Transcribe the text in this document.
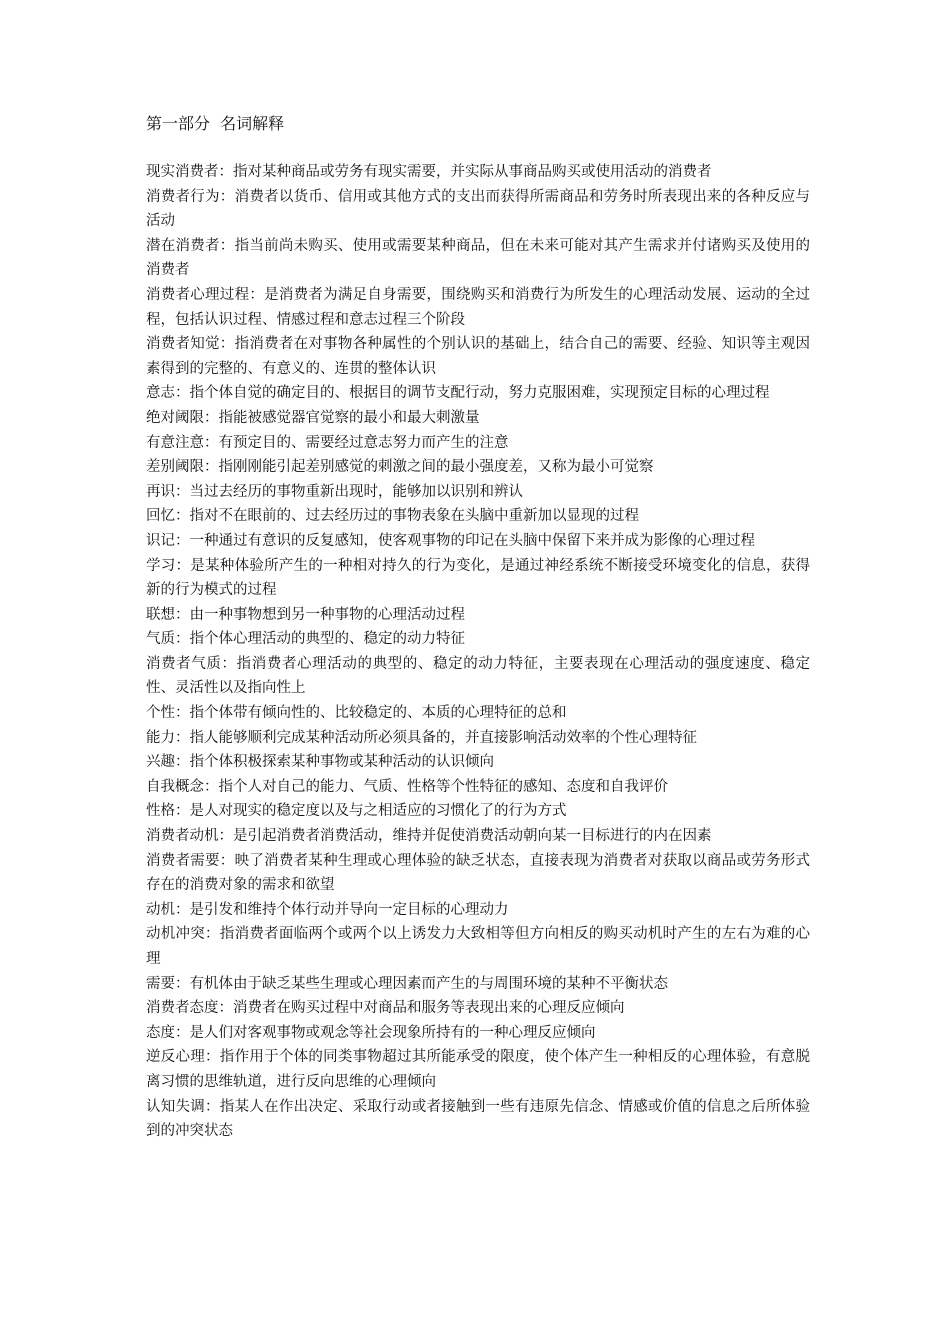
第一部分  名词解释
现实消费者：指对某种商品或劳务有现实需要，并实际从事商品购买或使用活动的消费者
消费者行为：消费者以货币、信用或其他方式的支出而获得所需商品和劳务时所表现出来的各种反应与活动
潜在消费者：指当前尚未购买、使用或需要某种商品，但在未来可能对其产生需求并付诸购买及使用的消费者
消费者心理过程：是消费者为满足自身需要，围绕购买和消费行为所发生的心理活动发展、运动的全过程，包括认识过程、情感过程和意志过程三个阶段
消费者知觉：指消费者在对事物各种属性的个别认识的基础上，结合自己的需要、经验、知识等主观因素得到的完整的、有意义的、连贯的整体认识
意志：指个体自觉的确定目的、根据目的调节支配行动，努力克服困难，实现预定目标的心理过程
绝对阈限：指能被感觉器官觉察的最小和最大刺激量
有意注意：有预定目的、需要经过意志努力而产生的注意
差别阈限：指刚刚能引起差别感觉的刺激之间的最小强度差，又称为最小可觉察
再识：当过去经历的事物重新出现时，能够加以识别和辨认
回忆：指对不在眼前的、过去经历过的事物表象在头脑中重新加以显现的过程
识记：一种通过有意识的反复感知，使客观事物的印记在头脑中保留下来并成为影像的心理过程
学习：是某种体验所产生的一种相对持久的行为变化，是通过神经系统不断接受环境变化的信息，获得新的行为模式的过程
联想：由一种事物想到另一种事物的心理活动过程
气质：指个体心理活动的典型的、稳定的动力特征
消费者气质：指消费者心理活动的典型的、稳定的动力特征，主要表现在心理活动的强度速度、稳定性、灵活性以及指向性上
个性：指个体带有倾向性的、比较稳定的、本质的心理特征的总和
能力：指人能够顺利完成某种活动所必须具备的，并直接影响活动效率的个性心理特征
兴趣：指个体积极探索某种事物或某种活动的认识倾向
自我概念：指个人对自己的能力、气质、性格等个性特征的感知、态度和自我评价
性格：是人对现实的稳定度以及与之相适应的习惯化了的行为方式
消费者动机：是引起消费者消费活动，维持并促使消费活动朝向某一目标进行的内在因素
消费者需要：映了消费者某种生理或心理体验的缺乏状态，直接表现为消费者对获取以商品或劳务形式存在的消费对象的需求和欲望
动机：是引发和维持个体行动并导向一定目标的心理动力
动机冲突：指消费者面临两个或两个以上诱发力大致相等但方向相反的购买动机时产生的左右为难的心理
需要：有机体由于缺乏某些生理或心理因素而产生的与周围环境的某种不平衡状态
消费者态度：消费者在购买过程中对商品和服务等表现出来的心理反应倾向
态度：是人们对客观事物或观念等社会现象所持有的一种心理反应倾向
逆反心理：指作用于个体的同类事物超过其所能承受的限度，使个体产生一种相反的心理体验，有意脱离习惯的思维轨道，进行反向思维的心理倾向
认知失调：指某人在作出决定、采取行动或者接触到一些有违原先信念、情感或价值的信息之后所体验到的冲突状态
